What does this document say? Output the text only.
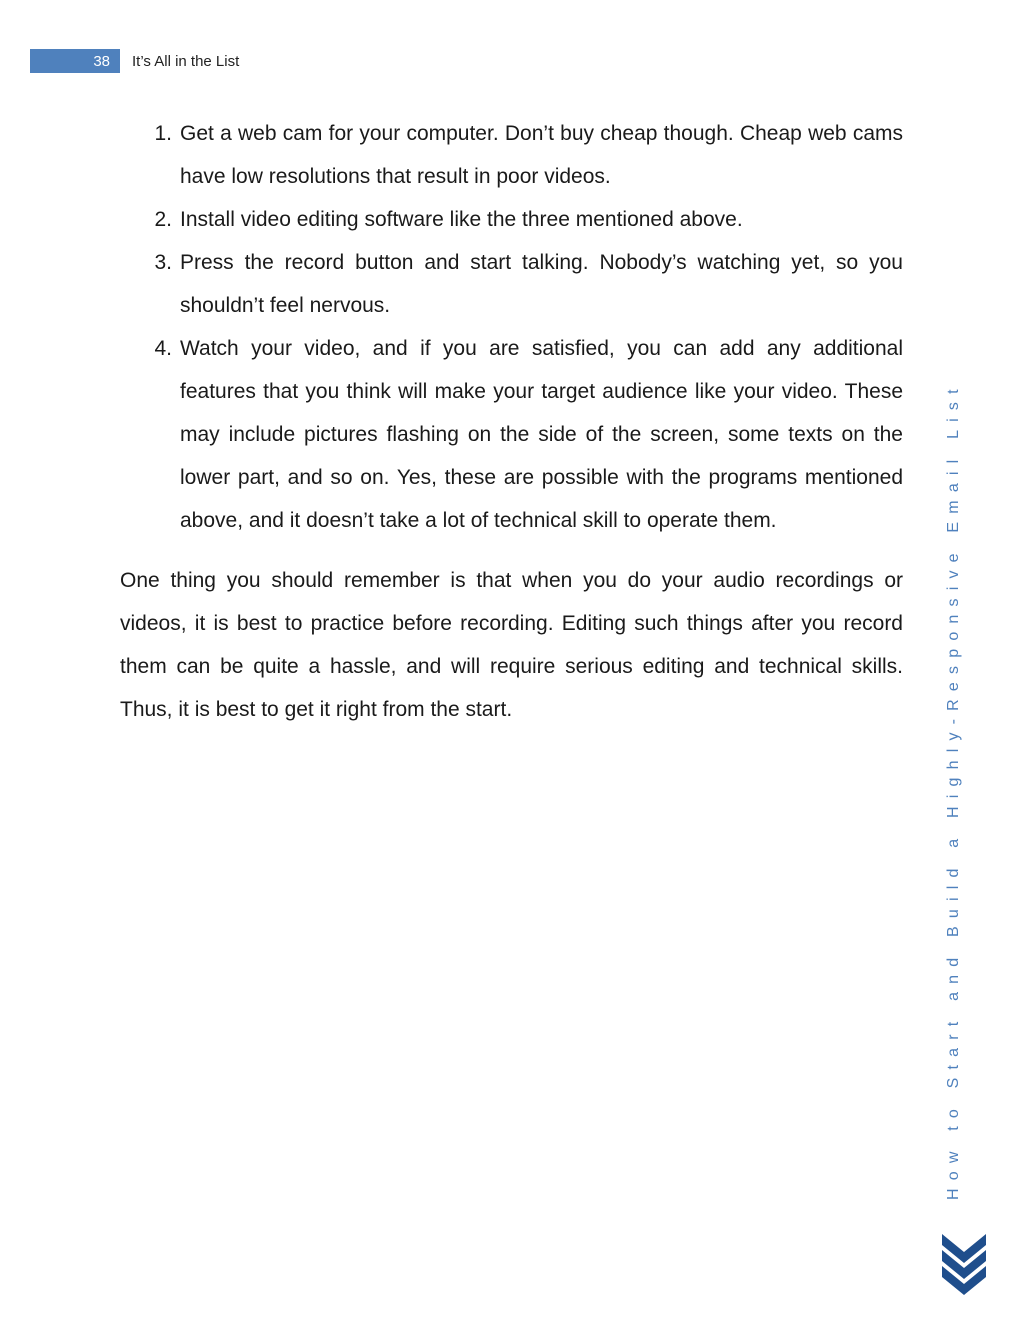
38	It’s All in the List
1. Get a web cam for your computer. Don’t buy cheap though. Cheap web cams have low resolutions that result in poor videos.
2. Install video editing software like the three mentioned above.
3. Press the record button and start talking. Nobody’s watching yet, so you shouldn’t feel nervous.
4. Watch your video, and if you are satisfied, you can add any additional features that you think will make your target audience like your video. These may include pictures flashing on the side of the screen, some texts on the lower part, and so on. Yes, these are possible with the programs mentioned above, and it doesn’t take a lot of technical skill to operate them.

One thing you should remember is that when you do your audio recordings or videos, it is best to practice before recording. Editing such things after you record them can be quite a hassle, and will require serious editing and technical skills. Thus, it is best to get it right from the start.	How to Start and Build a Highly-Responsive Email List
